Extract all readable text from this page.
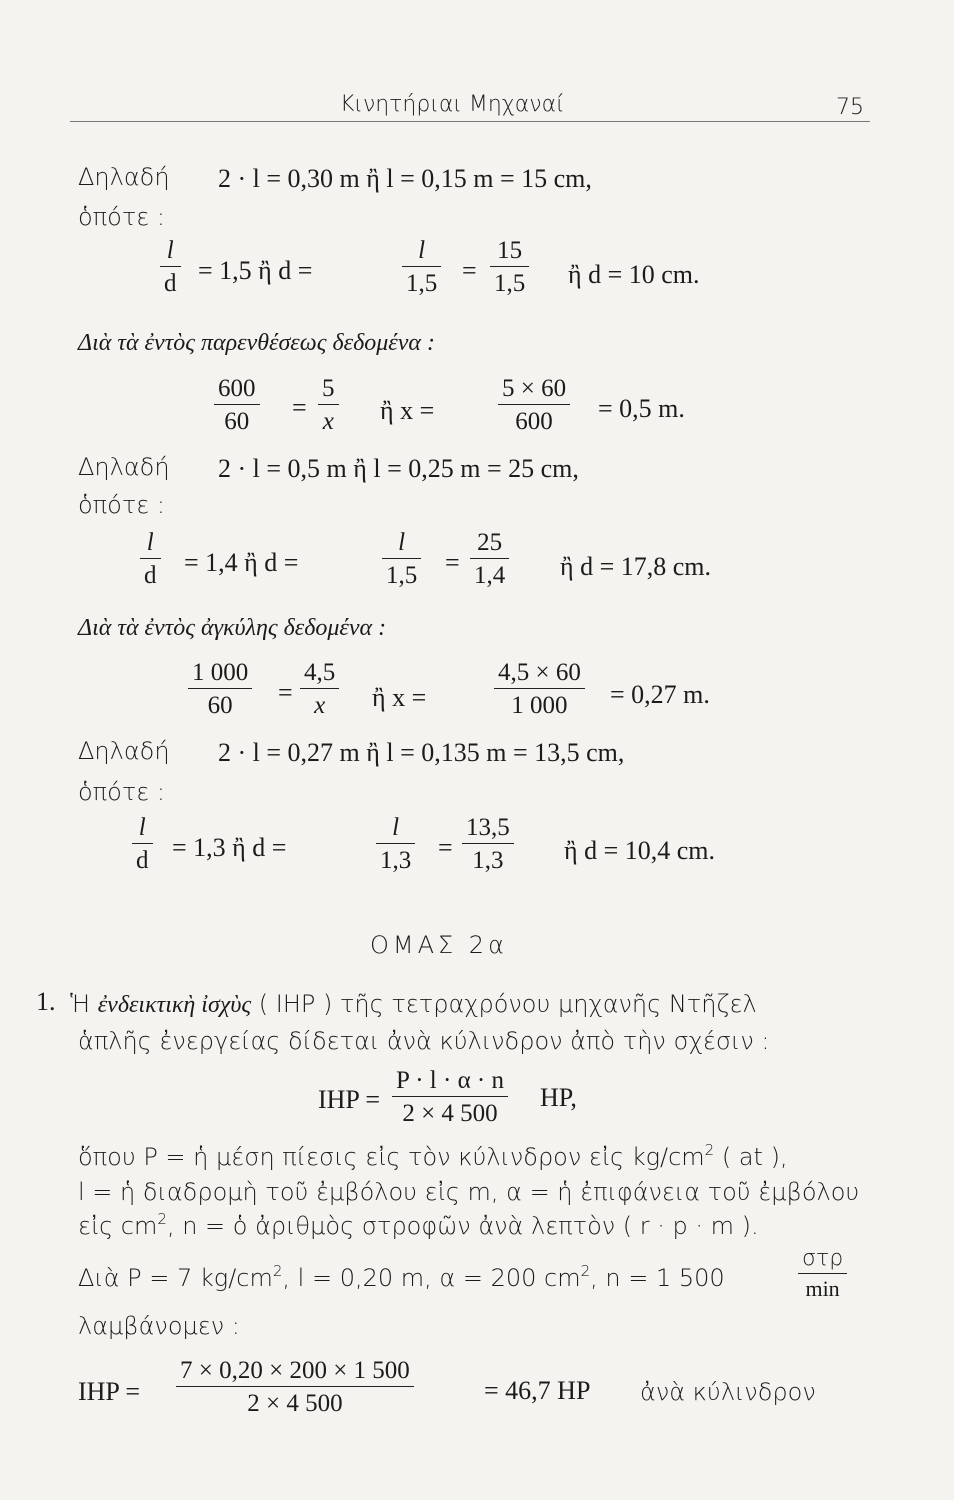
Κινητήριαι Μηχαναί	75
Δηλαδή 2 · l = 0,30 m ἢ l = 0,15 m = 15 cm,
ὁπότε :
l
d = 1,5 ἢ d =
l
1,5 =
15
1,5 ἢ d = 10 cm.
Διὰ τὰ ἐντὸς παρενθέσεως δεδομένα :
600
60	=
5
x ἢ x =
5 × 60
600	= 0,5 m.
Δηλαδή 2 · l = 0,5 m ἢ l = 0,25 m = 25 cm,
ὁπότε :
l
d = 1,4 ἢ d =
l
1,5 =
25
1,4 ἢ d = 17,8 cm.
Διὰ τὰ ἐντὸς ἀγκύλης δεδομένα :
1 000
60	=
4,5
x	ἢ x =
4,5 × 60
1 000	= 0,27 m.
Δηλαδή 2 · l = 0,27 m ἢ l = 0,135 m = 13,5 cm,
ὁπότε :
l
d = 1,3 ἢ d =
l
1,3 =
13,5
1,3	ἢ d = 10,4 cm.
ΟΜΑΣ 2α
1. Ἡ ἐνδεικτικὴ ἰσχὺς ( IHP ) τῆς τετραχρόνου μηχανῆς Ντῆζελ
ἁπλῆς ἐνεργείας δίδεται ἀνὰ κύλινδρον ἀπὸ τὴν σχέσιν :
IHP =
P · l · α · n
2 × 4 500
HP,
ὅπου P = ἡ μέση πίεσις εἰς τὸν κύλινδρον εἰς $kg/cm^2$ ( at ),
l = ἡ διαδρομὴ τοῦ ἐμβόλου εἰς m, α = ἡ ἐπιφάνεια τοῦ ἐμβόλου
εἰς $cm^2$, n = ὁ ἀριθμὸς στροφῶν ἀνὰ λεπτὸν ( r · p · m ).
Διὰ P = 7 $kg/cm^2$, l = 0,20 m, α = 200 $cm^2$, n = 1 500
στρ
min
λαμβάνομεν :
IHP =
7 × 0,20 × 200 × 1 500
2 × 4 500	= 46,7 HP ἀνὰ κύλινδρον
